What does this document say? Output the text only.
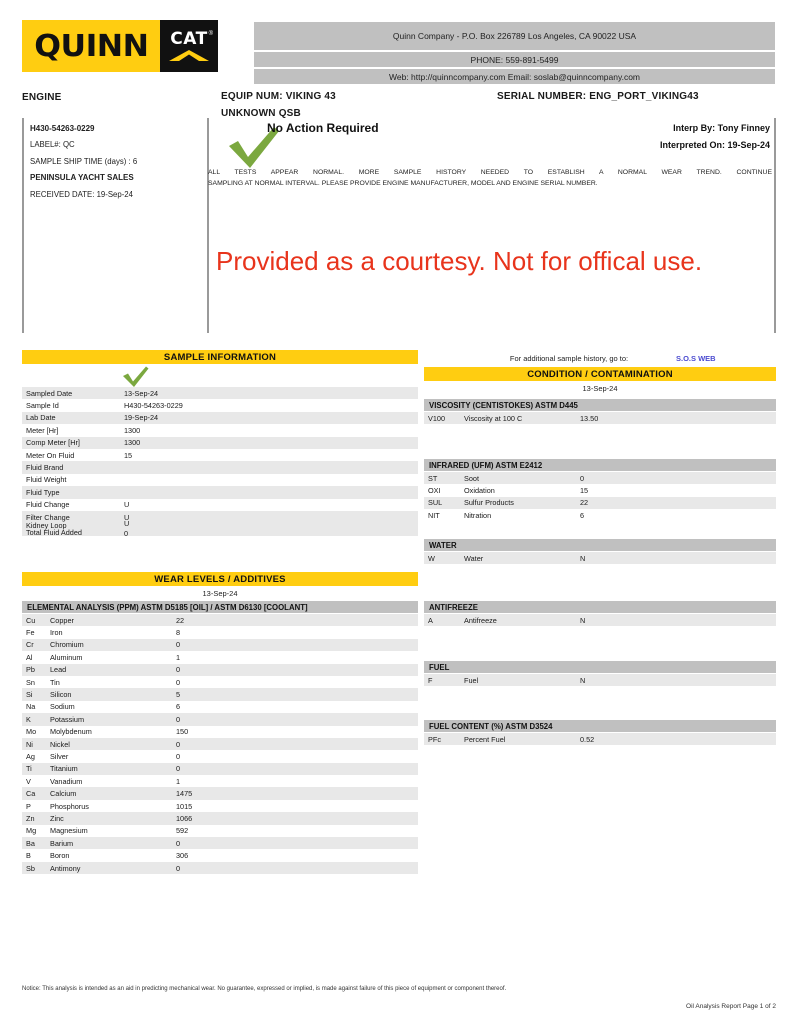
QUINN CAT ®	Quinn Company - P.O. Box 226789 Los Angeles, CA 90022 USA
PHONE: 559-891-5499
Web: http://quinncompany.com Email: soslab@quinncompany.com
ENGINE	EQUIP NUM: VIKING 43	SERIAL NUMBER: ENG_PORT_VIKING43
UNKNOWN QSB
H430-54263-0229
LABEL#: QC
SAMPLE SHIP TIME (days) : 6
PENINSULA YACHT SALES
RECEIVED DATE: 19-Sep-24
No Action Required	Interp By: Tony Finney
Interpreted On: 19-Sep-24
ALL TESTS APPEAR NORMAL. MORE SAMPLE HISTORY NEEDED TO ESTABLISH A NORMAL WEAR TREND. CONTINUE
SAMPLING AT NORMAL INTERVAL. PLEASE PROVIDE ENGINE MANUFACTURER, MODEL AND ENGINE SERIAL NUMBER.
Provided as a courtesy. Not for offical use.
SAMPLE INFORMATION
Sampled Date	13-Sep-24
Sample Id	H430-54263-0229
Lab Date	19-Sep-24
Meter [Hr]	1300
Comp Meter [Hr]	1300
Meter On Fluid	15
Fluid Brand
Fluid Weight
Fluid Type
Fluid Change	U
Filter Change	U
Kidney Loop	U
Total Fluid Added	0
For additional sample history, go to:	S.O.S WEB
CONDITION / CONTAMINATION
13-Sep-24
VISCOSITY (CENTISTOKES) ASTM D445
V100	Viscosity at 100 C	13.50
INFRARED (UFM) ASTM E2412
ST	Soot	0
OXI	Oxidation	15
SUL	Sulfur Products	22
NIT	Nitration	6
WATER
W	Water	N
ANTIFREEZE
A	Antifreeze	N
FUEL
F	Fuel	N
FUEL CONTENT (%) ASTM D3524
PFc	Percent Fuel	0.52
WEAR LEVELS / ADDITIVES
13-Sep-24
ELEMENTAL ANALYSIS (PPM) ASTM D5185 [OIL] / ASTM D6130 [COOLANT]
Cu	Copper	22
Fe	Iron	8
Cr	Chromium	0
Al	Aluminum	1
Pb	Lead	0
Sn	Tin	0
Si	Silicon	5
Na	Sodium	6
K	Potassium	0
Mo	Molybdenum	150
Ni	Nickel	0
Ag	Silver	0
Ti	Titanium	0
V	Vanadium	1
Ca	Calcium	1475
P	Phosphorus	1015
Zn	Zinc	1066
Mg	Magnesium	592
Ba	Barium	0
B	Boron	306
Sb	Antimony	0
Notice: This analysis is intended as an aid in predicting mechanical wear. No guarantee, expressed or implied, is made against failure of this piece of equipment or component thereof.
Oil Analysis Report Page 1 of 2
